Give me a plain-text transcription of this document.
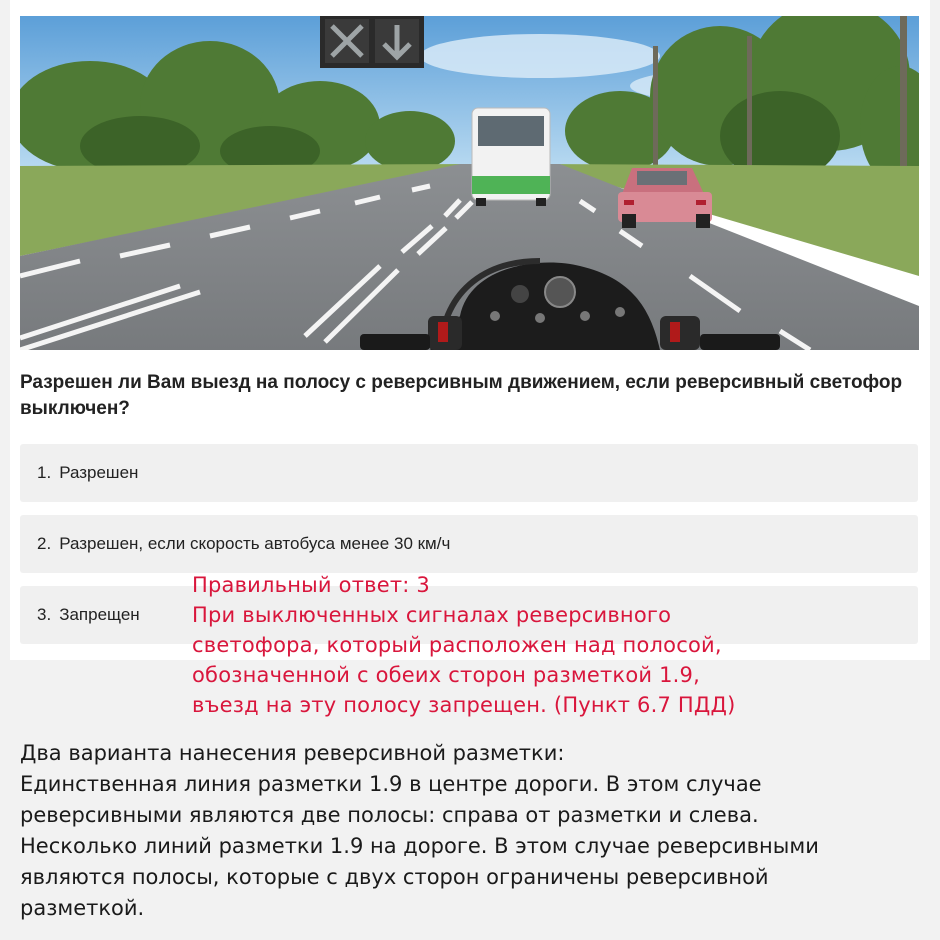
Разрешен ли Вам выезд на полосу с реверсивным движением, если реверсивный светофор выключен?
1. Разрешен
2. Разрешен, если скорость автобуса менее 30 км/ч
3. Запрещен
Правильный ответ: 3
При выключенных сигналах реверсивного
светофора, который расположен над полосой,
обозначенной с обеих сторон разметкой 1.9,
въезд на эту полосу запрещен. (Пункт 6.7 ПДД)
Два варианта нанесения реверсивной разметки:
Единственная линия разметки 1.9 в центре дороги. В этом случае
реверсивными являются две полосы: справа от разметки и слева.
Несколько линий разметки 1.9 на дороге. В этом случае реверсивными
являются полосы, которые с двух сторон ограничены реверсивной
разметкой.
